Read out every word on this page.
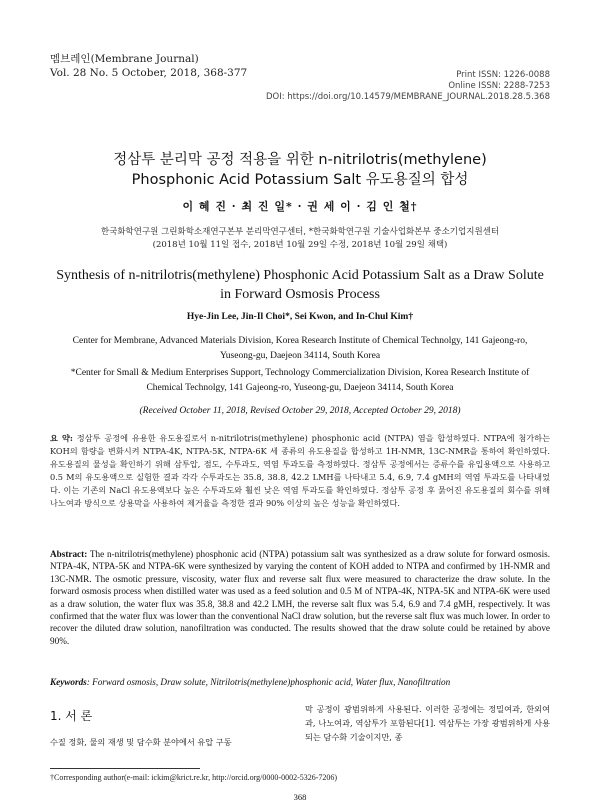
멤브레인(Membrane Journal)
Vol. 28 No. 5 October, 2018, 368-377	Print ISSN: 1226-0088
Online ISSN: 2288-7253
DOI: https://doi.org/10.14579/MEMBRANE_JOURNAL.2018.28.5.368
정삼투 분리막 공정 적용을 위한 n-nitrilotris(methylene)
Phosphonic Acid Potassium Salt 유도용질의 합성
이 혜 진 · 최 진 일* · 권 세 이 · 김 인 철†
한국화학연구원 그린화학소재연구본부 분리막연구센터, *한국화학연구원 기술사업화본부 중소기업지원센터
(2018년 10월 11일 접수, 2018년 10월 29일 수정, 2018년 10월 29일 채택)
Synthesis of n-nitrilotris(methylene) Phosphonic Acid Potassium Salt as a Draw Solute
in Forward Osmosis Process
Hye-Jin Lee, Jin-Il Choi*, Sei Kwon, and In-Chul Kim†

Center for Membrane, Advanced Materials Division, Korea Research Institute of Chemical Technolgy, 141 Gajeong-ro, Yuseong-gu, Daejeon 34114, South Korea

*Center for Small & Medium Enterprises Support, Technology Commercialization Division, Korea Research Institute of Chemical Technolgy, 141 Gajeong-ro, Yuseong-gu, Daejeon 34114, South Korea

(Received October 11, 2018, Revised October 29, 2018, Accepted October 29, 2018)
요 약: 정삼투 공정에 유용한 유도용질로서 n-nitrilotris(methylene) phosphonic acid (NTPA) 염을 합성하였다. NTPA에 첨가하는 KOH의 함량을 변화시켜 NTPA-4K, NTPA-5K, NTPA-6K 세 종류의 유도용질을 합성하고 1H-NMR, 13C-NMR을 통하여 확인하였다. 유도용질의 물성을 확인하기 위해 삼투압, 점도, 수투과도, 역염 투과도를 측정하였다. 정삼투 공정에서는 증류수를 유입용액으로 사용하고 0.5 M의 유도용액으로 실험한 결과 각각 수투과도는 35.8, 38.8, 42.2 LMH를 나타내고 5.4, 6.9, 7.4 gMH의 역염 투과도를 나타내었다. 이는 기존의 NaCl 유도용액보다 높은 수투과도와 훨씬 낮은 역염 투과도를 확인하였다. 정삼투 공정 후 묽어진 유도용질의 회수를 위해 나노여과 방식으로 상용막을 사용하여 제거율을 측정한 결과 90% 이상의 높은 성능을 확인하였다.
Abstract: The n-nitrilotris(methylene) phosphonic acid (NTPA) potassium salt was synthesized as a draw solute for forward osmosis. NTPA-4K, NTPA-5K and NTPA-6K were synthesized by varying the content of KOH added to NTPA and confirmed by 1H-NMR and 13C-NMR. The osmotic pressure, viscosity, water flux and reverse salt flux were measured to characterize the draw solute. In the forward osmosis process when distilled water was used as a feed solution and 0.5 M of NTPA-4K, NTPA-5K and NTPA-6K were used as a draw solution, the water flux was 35.8, 38.8 and 42.2 LMH, the reverse salt flux was 5.4, 6.9 and 7.4 gMH, respectively. It was confirmed that the water flux was lower than the conventional NaCl draw solution, but the reverse salt flux was much lower. In order to recover the diluted draw solution, nanofiltration was conducted. The results showed that the draw solute could be retained by above 90%.
Keywords: Forward osmosis, Draw solute, Nitrilotris(methylene)phosphonic acid, Water flux, Nanofiltration
1. 서 론
수질 정화, 물의 재생 및 담수화 분야에서 유압 구동
막 공정이 광범위하게 사용된다. 이러한 공정에는 정밀여과, 한외여과, 나노여과, 역삼투가 포함된다[1]. 역삼투는 가장 광범위하게 사용되는 담수화 기술이지만, 종
†Corresponding author(e-mail: ickim@krict.re.kr, http://orcid.org/0000-0002-5326-7206)
368
